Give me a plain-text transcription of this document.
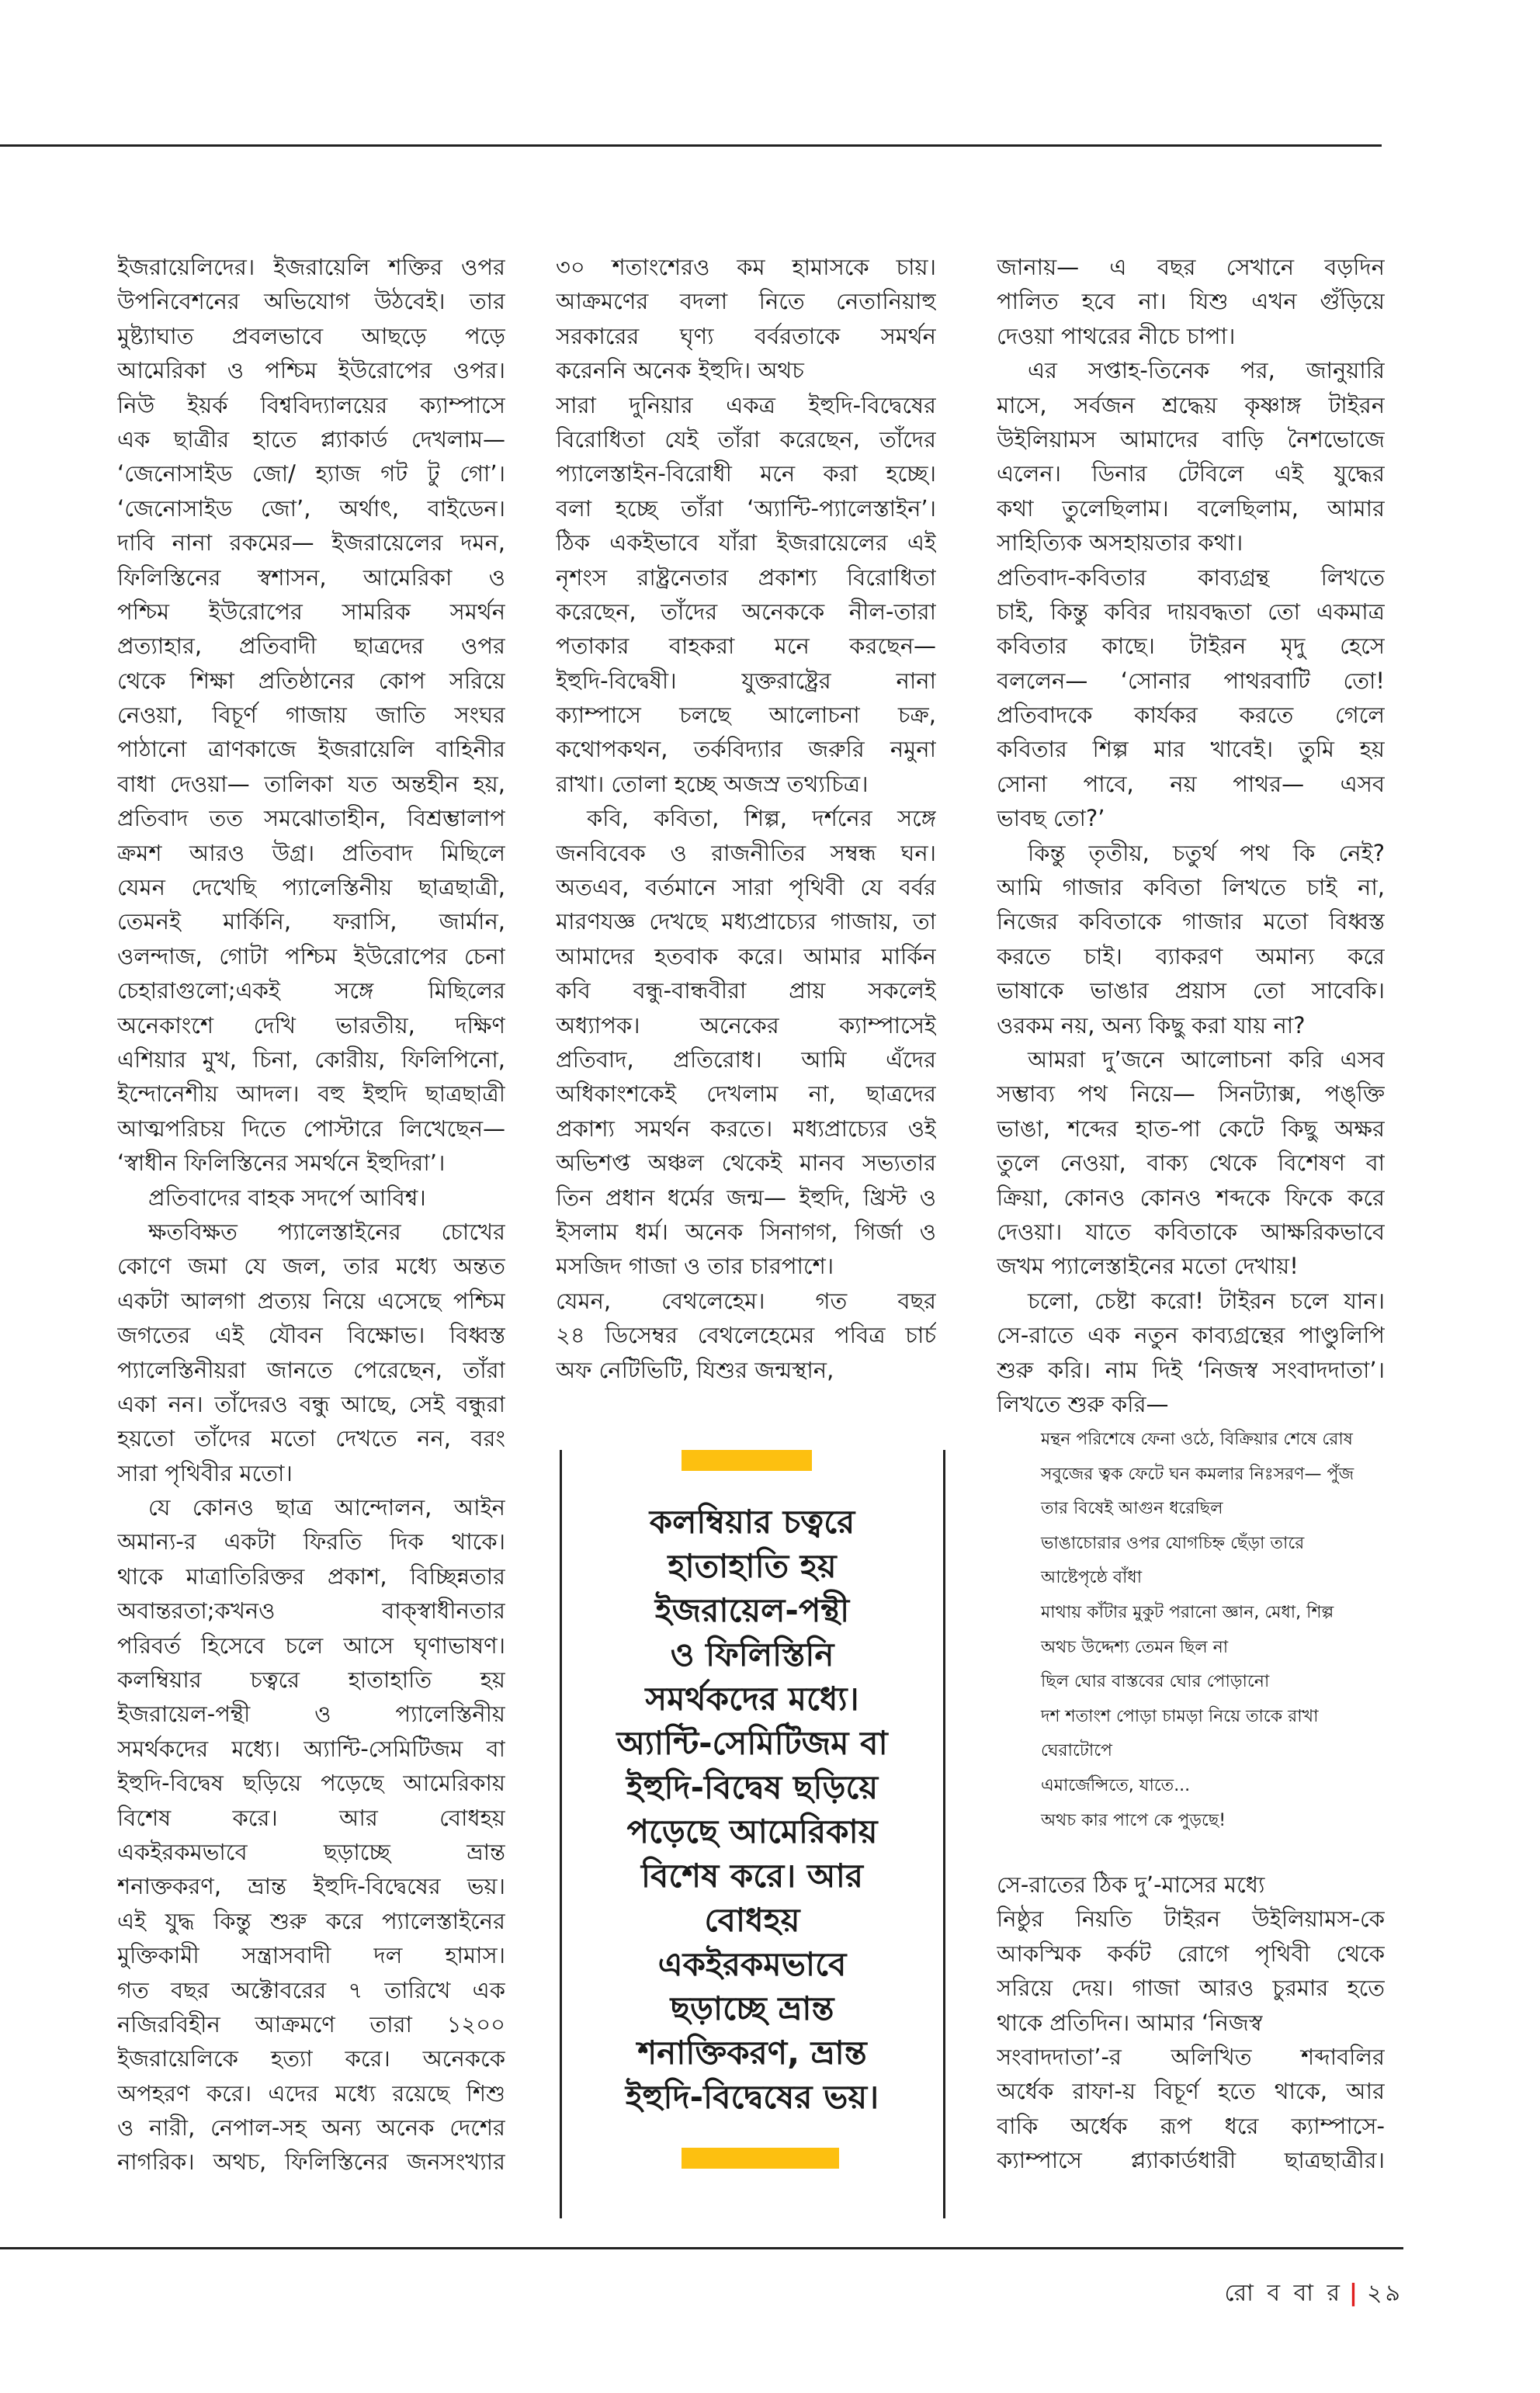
ইজরায়েলিদের। ইজরায়েলি শক্তির ওপর
উপনিবেশনের অভিযোগ উঠবেই। তার
মুষ্ট্যাঘাত প্রবলভাবে আছড়ে পড়ে
আমেরিকা ও পশ্চিম ইউরোপের ওপর।
নিউ ইয়র্ক বিশ্ববিদ্যালয়ের ক্যাম্পাসে
এক ছাত্রীর হাতে প্ল্যাকার্ড দেখলাম—
‘জেনোসাইড জো/ হ্যাজ গট টু গো’।
‘জেনোসাইড জো’, অর্থাৎ, বাইডেন।
দাবি নানা রকমের— ইজরায়েলের দমন,
ফিলিস্তিনের স্বশাসন, আমেরিকা ও
পশ্চিম ইউরোপের সামরিক সমর্থন
প্রত্যাহার, প্রতিবাদী ছাত্রদের ওপর
থেকে শিক্ষা প্রতিষ্ঠানের কোপ সরিয়ে
নেওয়া, বিচূর্ণ গাজায় জাতি সংঘর
পাঠানো ত্রাণকাজে ইজরায়েলি বাহিনীর
বাধা দেওয়া— তালিকা যত অন্তহীন হয়,
প্রতিবাদ তত সমঝোতাহীন, বিশ্রম্ভালাপ
ক্রমশ আরও উগ্র। প্রতিবাদ মিছিলে
যেমন দেখেছি প্যালেস্তিনীয় ছাত্রছাত্রী,
তেমনই মার্কিনি, ফরাসি, জার্মান,
ওলন্দাজ, গোটা পশ্চিম ইউরোপের চেনা
চেহারাগুলো;একই সঙ্গে মিছিলের
অনেকাংশে দেখি ভারতীয়, দক্ষিণ
এশিয়ার মুখ, চিনা, কোরীয়, ফিলিপিনো,
ইন্দোনেশীয় আদল। বহু ইহুদি ছাত্রছাত্রী
আত্মপরিচয় দিতে পোস্টারে লিখেছেন—
‘স্বাধীন ফিলিস্তিনের সমর্থনে ইহুদিরা’।
প্রতিবাদের বাহক সদর্পে আবিশ্ব।
ক্ষতবিক্ষত প্যালেস্তাইনের চোখের
কোণে জমা যে জল, তার মধ্যে অন্তত
একটা আলগা প্রত্যয় নিয়ে এসেছে পশ্চিম
জগতের এই যৌবন বিক্ষোভ। বিধ্বস্ত
প্যালেস্তিনীয়রা জানতে পেরেছেন, তাঁরা
একা নন। তাঁদেরও বন্ধু আছে, সেই বন্ধুরা
হয়তো তাঁদের মতো দেখতে নন, বরং
সারা পৃথিবীর মতো।
যে কোনও ছাত্র আন্দোলন, আইন
অমান্য-র একটা ফিরতি দিক থাকে।
থাকে মাত্রাতিরিক্তর প্রকাশ, বিচ্ছিন্নতার
অবান্তরতা;কখনও বাক্‌স্বাধীনতার
পরিবর্ত হিসেবে চলে আসে ঘৃণাভাষণ।
কলম্বিয়ার চত্বরে হাতাহাতি হয়
ইজরায়েল-পন্থী ও প্যালেস্তিনীয়
সমর্থকদের মধ্যে। অ্যান্টি-সেমিটিজম বা
ইহুদি-বিদ্বেষ ছড়িয়ে পড়েছে আমেরিকায়
বিশেষ করে। আর বোধহয়
একইরকমভাবে ছড়াচ্ছে ভ্রান্ত
শনাক্তকরণ, ভ্রান্ত ইহুদি-বিদ্বেষের ভয়।
এই যুদ্ধ কিন্তু শুরু করে প্যালেস্তাইনের
মুক্তিকামী সন্ত্রাসবাদী দল হামাস।
গত বছর অক্টোবরের ৭ তারিখে এক
নজিরবিহীন আক্রমণে তারা ১২০০
ইজরায়েলিকে হত্যা করে। অনেককে
অপহরণ করে। এদের মধ্যে রয়েছে শিশু
ও নারী, নেপাল-সহ অন্য অনেক দেশের
নাগরিক। অথচ, ফিলিস্তিনের জনসংখ্যার
৩০ শতাংশেরও কম হামাসকে চায়।
আক্রমণের বদলা নিতে নেতানিয়াহু
সরকারের ঘৃণ্য বর্বরতাকে সমর্থন
করেননি অনেক ইহুদি। অথচ
সারা দুনিয়ার একত্র ইহুদি-বিদ্বেষের
বিরোধিতা যেই তাঁরা করেছেন, তাঁদের
প্যালেস্তাইন-বিরোধী মনে করা হচ্ছে।
বলা হচ্ছে তাঁরা ‘অ্যান্টি-প্যালেস্তাইন’।
ঠিক একইভাবে যাঁরা ইজরায়েলের এই
নৃশংস রাষ্ট্রনেতার প্রকাশ্য বিরোধিতা
করেছেন, তাঁদের অনেককে নীল-তারা
পতাকার বাহকরা মনে করছেন—
ইহুদি-বিদ্বেষী। যুক্তরাষ্ট্রের নানা
ক্যাম্পাসে চলছে আলোচনা চক্র,
কথোপকথন, তর্কবিদ্যার জরুরি নমুনা
রাখা। তোলা হচ্ছে অজস্র তথ্যচিত্র।
কবি, কবিতা, শিল্প, দর্শনের সঙ্গে
জনবিবেক ও রাজনীতির সম্বন্ধ ঘন।
অতএব, বর্তমানে সারা পৃথিবী যে বর্বর
মারণযজ্ঞ দেখছে মধ্যপ্রাচ্যের গাজায়, তা
আমাদের হতবাক করে। আমার মার্কিন
কবি বন্ধু-বান্ধবীরা প্রায় সকলেই
অধ্যাপক। অনেকের ক্যাম্পাসেই
প্রতিবাদ, প্রতিরোধ। আমি এঁদের
অধিকাংশকেই দেখলাম না, ছাত্রদের
প্রকাশ্য সমর্থন করতে। মধ্যপ্রাচ্যের ওই
অভিশপ্ত অঞ্চল থেকেই মানব সভ্যতার
তিন প্রধান ধর্মের জন্ম— ইহুদি, খ্রিস্ট ও
ইসলাম ধর্ম। অনেক সিনাগগ, গির্জা ও
মসজিদ গাজা ও তার চারপাশে।
যেমন, বেথলেহেম। গত বছর
২৪ ডিসেম্বর বেথলেহেমের পবিত্র চার্চ
অফ নেটিভিটি, যিশুর জন্মস্থান,
জানায়— এ বছর সেখানে বড়দিন
পালিত হবে না। যিশু এখন গুঁড়িয়ে
দেওয়া পাথরের নীচে চাপা।
এর সপ্তাহ-তিনেক পর, জানুয়ারি
মাসে, সর্বজন শ্রদ্ধেয় কৃষ্ণাঙ্গ টাইরন
উইলিয়ামস আমাদের বাড়ি নৈশভোজে
এলেন। ডিনার টেবিলে এই যুদ্ধের
কথা তুলেছিলাম। বলেছিলাম, আমার
সাহিত্যিক অসহায়তার কথা।
প্রতিবাদ-কবিতার কাব্যগ্রন্থ লিখতে
চাই, কিন্তু কবির দায়বদ্ধতা তো একমাত্র
কবিতার কাছে। টাইরন মৃদু হেসে
বললেন— ‘সোনার পাথরবাটি তো!
প্রতিবাদকে কার্যকর করতে গেলে
কবিতার শিল্প মার খাবেই। তুমি হয়
সোনা পাবে, নয় পাথর— এসব
ভাবছ তো?’
কিন্তু তৃতীয়, চতুর্থ পথ কি নেই?
আমি গাজার কবিতা লিখতে চাই না,
নিজের কবিতাকে গাজার মতো বিধ্বস্ত
করতে চাই। ব্যাকরণ অমান্য করে
ভাষাকে ভাঙার প্রয়াস তো সাবেকি।
ওরকম নয়, অন্য কিছু করা যায় না?
আমরা দু’জনে আলোচনা করি এসব
সম্ভাব্য পথ নিয়ে— সিনট্যাক্স, পঙ্‌ক্তি
ভাঙা, শব্দের হাত-পা কেটে কিছু অক্ষর
তুলে নেওয়া, বাক্য থেকে বিশেষণ বা
ক্রিয়া, কোনও কোনও শব্দকে ফিকে করে
দেওয়া। যাতে কবিতাকে আক্ষরিকভাবে
জখম প্যালেস্তাইনের মতো দেখায়!
চলো, চেষ্টা করো! টাইরন চলে যান।
সে-রাতে এক নতুন কাব্যগ্রন্থের পাণ্ডুলিপি
শুরু করি। নাম দিই ‘নিজস্ব সংবাদদাতা’।
লিখতে শুরু করি—
কলম্বিয়ার চত্বরে
হাতাহাতি হয়
ইজরায়েল-পন্থী
ও ফিলিস্তিনি
সমর্থকদের মধ্যে।
অ্যান্টি-সেমিটিজম বা
ইহুদি-বিদ্বেষ ছড়িয়ে
পড়েছে আমেরিকায়
বিশেষ করে। আর
বোধহয়
একইরকমভাবে
ছড়াচ্ছে ভ্রান্ত
শনাক্তিকরণ, ভ্রান্ত
ইহুদি-বিদ্বেষের ভয়।
মন্থন পরিশেষে ফেনা ওঠে, বিক্রিয়ার শেষে রোষ
সবুজের ত্বক ফেটে ঘন কমলার নিঃসরণ— পুঁজ
তার বিষেই আগুন ধরেছিল
ভাঙাচোরার ওপর যোগচিহ্ন ছেঁড়া তারে
আষ্টেপৃষ্ঠে বাঁধা
মাথায় কাঁটার মুকুট পরানো জ্ঞান, মেধা, শিল্প
অথচ উদ্দেশ্য তেমন ছিল না
ছিল ঘোর বাস্তবের ঘোর পোড়ানো
দশ শতাংশ পোড়া চামড়া নিয়ে তাকে রাখা
ঘেরাটোপে
এমার্জেন্সিতে, যাতে...
অথচ কার পাপে কে পুড়ছে!
সে-রাতের ঠিক দু’-মাসের মধ্যে
নিষ্ঠুর নিয়তি টাইরন উইলিয়ামস-কে
আকস্মিক কর্কট রোগে পৃথিবী থেকে
সরিয়ে দেয়। গাজা আরও চুরমার হতে
থাকে প্রতিদিন। আমার ‘নিজস্ব
সংবাদদাতা’-র অলিখিত শব্দাবলির
অর্ধেক রাফা-য় বিচূর্ণ হতে থাকে, আর
বাকি অর্ধেক রূপ ধরে ক্যাম্পাসে-
ক্যাম্পাসে প্ল্যাকার্ডধারী ছাত্রছাত্রীর।
রো ব বা র | ২৯
